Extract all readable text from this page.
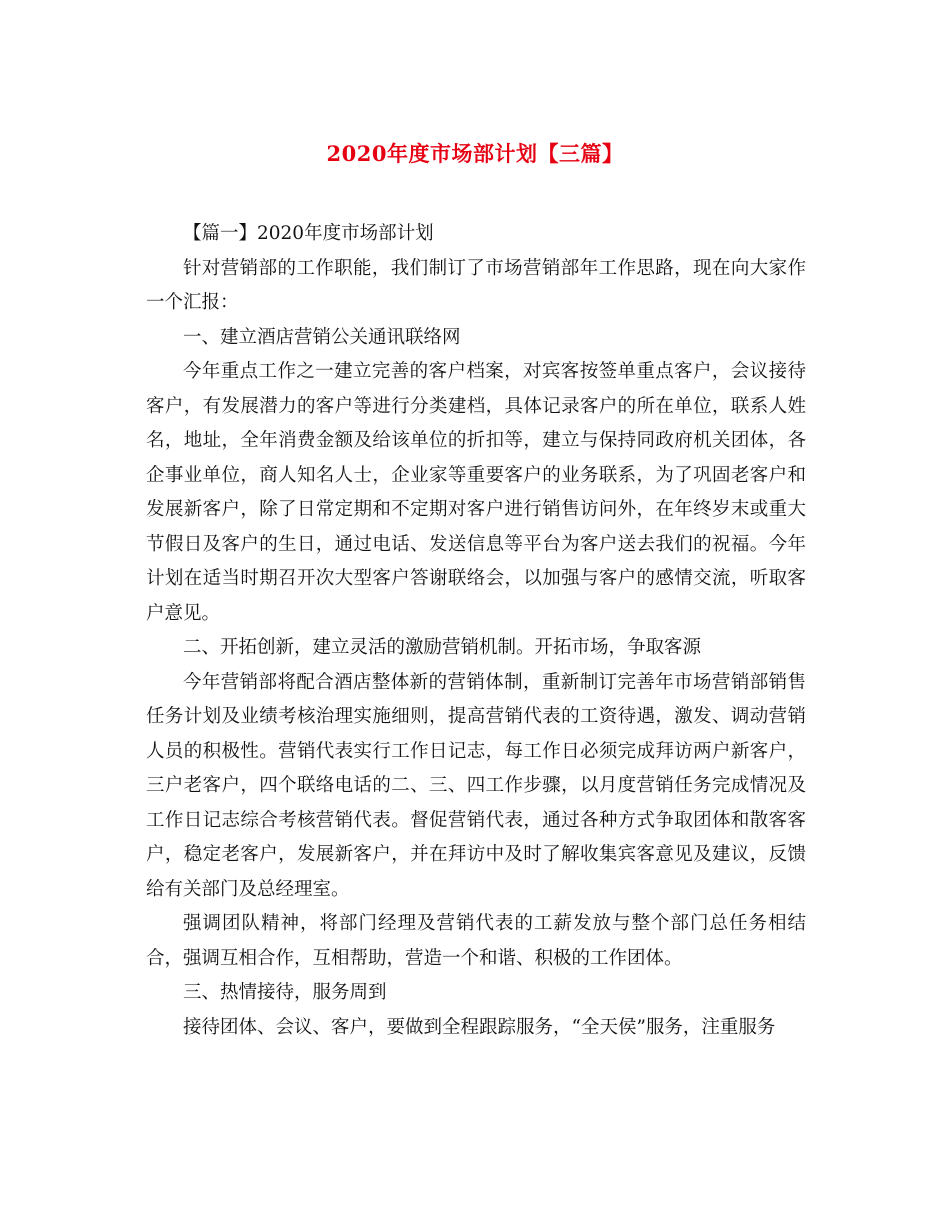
2020年度市场部计划【三篇】

【篇一】2020年度市场部计划

针对营销部的工作职能，我们制订了市场营销部年工作思路，现在向大家作一个汇报：

一、建立酒店营销公关通讯联络网

今年重点工作之一建立完善的客户档案，对宾客按签单重点客户，会议接待客户，有发展潜力的客户等进行分类建档，具体记录客户的所在单位，联系人姓名，地址，全年消费金额及给该单位的折扣等，建立与保持同政府机关团体，各企事业单位，商人知名人士，企业家等重要客户的业务联系，为了巩固老客户和发展新客户，除了日常定期和不定期对客户进行销售访问外，在年终岁末或重大节假日及客户的生日，通过电话、发送信息等平台为客户送去我们的祝福。今年计划在适当时期召开次大型客户答谢联络会，以加强与客户的感情交流，听取客户意见。

二、开拓创新，建立灵活的激励营销机制。开拓市场，争取客源

今年营销部将配合酒店整体新的营销体制，重新制订完善年市场营销部销售任务计划及业绩考核治理实施细则，提高营销代表的工资待遇，激发、调动营销人员的积极性。营销代表实行工作日记志，每工作日必须完成拜访两户新客户，三户老客户，四个联络电话的二、三、四工作步骤，以月度营销任务完成情况及工作日记志综合考核营销代表。督促营销代表，通过各种方式争取团体和散客客户，稳定老客户，发展新客户，并在拜访中及时了解收集宾客意见及建议，反馈给有关部门及总经理室。

强调团队精神，将部门经理及营销代表的工薪发放与整个部门总任务相结合，强调互相合作，互相帮助，营造一个和谐、积极的工作团体。

三、热情接待，服务周到

接待团体、会议、客户，要做到全程跟踪服务，“全天侯”服务，注重服务
